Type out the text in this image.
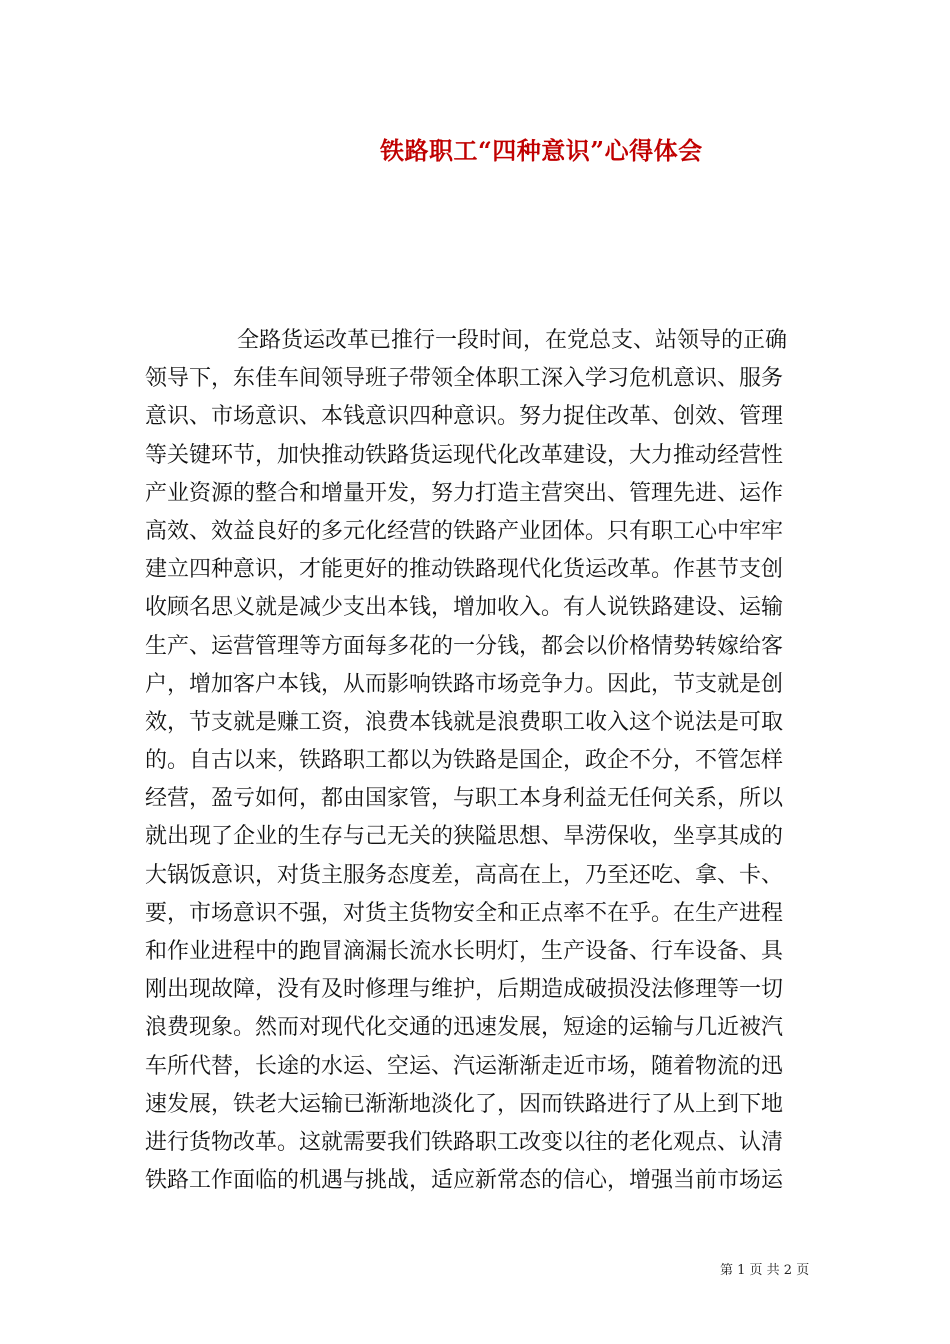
铁路职工“四种意识”心得体会
全路货运改革已推行一段时间，在党总支、站领导的正确
领导下，东佳车间领导班子带领全体职工深入学习危机意识、服务
意识、市场意识、本钱意识四种意识。努力捉住改革、创效、管理
等关键环节，加快推动铁路货运现代化改革建设，大力推动经营性
产业资源的整合和增量开发，努力打造主营突出、管理先进、运作
高效、效益良好的多元化经营的铁路产业团体。只有职工心中牢牢
建立四种意识，才能更好的推动铁路现代化货运改革。作甚节支创
收顾名思义就是减少支出本钱，增加收入。有人说铁路建设、运输
生产、运营管理等方面每多花的一分钱，都会以价格情势转嫁给客
户，增加客户本钱，从而影响铁路市场竞争力。因此，节支就是创
效，节支就是赚工资，浪费本钱就是浪费职工收入这个说法是可取
的。自古以来，铁路职工都以为铁路是国企，政企不分，不管怎样
经营，盈亏如何，都由国家管，与职工本身利益无任何关系，所以
就出现了企业的生存与己无关的狭隘思想、旱涝保收，坐享其成的
大锅饭意识，对货主服务态度差，高高在上，乃至还吃、拿、卡、
要，市场意识不强，对货主货物安全和正点率不在乎。在生产进程
和作业进程中的跑冒滴漏长流水长明灯，生产设备、行车设备、具
刚出现故障，没有及时修理与维护，后期造成破损没法修理等一切
浪费现象。然而对现代化交通的迅速发展，短途的运输与几近被汽
车所代替，长途的水运、空运、汽运渐渐走近市场，随着物流的迅
速发展，铁老大运输已渐渐地淡化了，因而铁路进行了从上到下地
进行货物改革。这就需要我们铁路职工改变以往的老化观点、认清
铁路工作面临的机遇与挑战，适应新常态的信心，增强当前市场运
第 1 页 共 2 页
